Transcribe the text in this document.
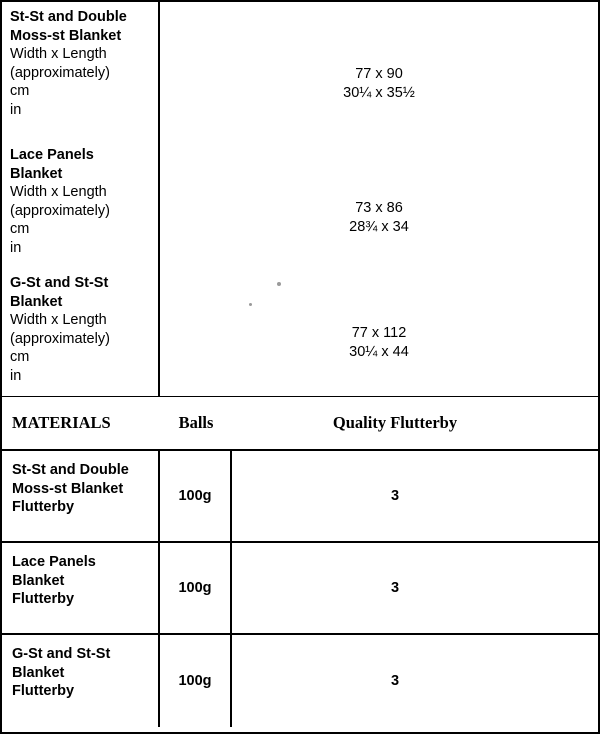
St-St and Double
Moss-st Blanket
Width x Length
(approximately)
cm
in
77 x 90
30¼ x 35½
Lace Panels
Blanket
Width x Length
(approximately)
cm
in
73 x 86
28¾ x 34
G-St and St-St
Blanket
Width x Length
(approximately)
cm
in
77 x 112
30¼ x 44
MATERIALS	Balls	Quality Flutterby
St-St and Double
Moss-st Blanket
Flutterby
100g	3
Lace Panels
Blanket
Flutterby
100g	3
G-St and St-St
Blanket
Flutterby
100g	3
